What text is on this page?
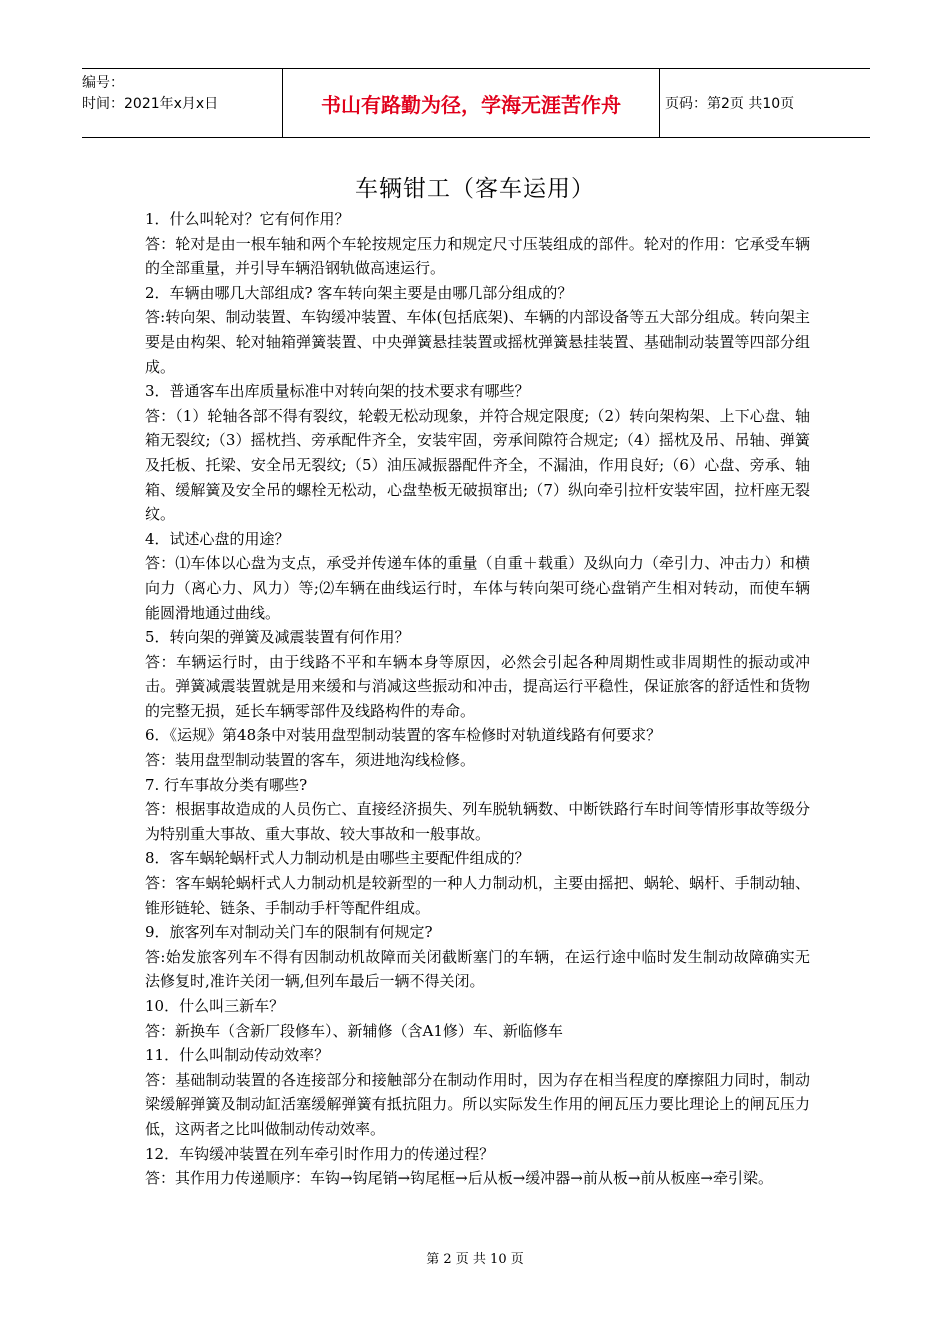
编号：
时间：2021年x月x日	书山有路勤为径，学海无涯苦作舟	页码：第2页 共10页
车辆钳工（客车运用）

1．什么叫轮对？它有何作用？

答：轮对是由一根车轴和两个车轮按规定压力和规定尺寸压装组成的部件。轮对的作用：它承受车辆的全部重量，并引导车辆沿钢轨做高速运行。

2．车辆由哪几大部组成? 客车转向架主要是由哪几部分组成的？

答:转向架、制动装置、车钩缓冲装置、车体(包括底架)、车辆的内部设备等五大部分组成。转向架主要是由构架、轮对轴箱弹簧装置、中央弹簧悬挂装置或摇枕弹簧悬挂装置、基础制动装置等四部分组成。

3．普通客车出库质量标准中对转向架的技术要求有哪些？

答：（1）轮轴各部不得有裂纹，轮毂无松动现象，并符合规定限度;（2）转向架构架、上下心盘、轴箱无裂纹;（3）摇枕挡、旁承配件齐全，安装牢固，旁承间隙符合规定;（4）摇枕及吊、吊轴、弹簧及托板、托梁、安全吊无裂纹;（5）油压减振器配件齐全，不漏油，作用良好;（6）心盘、旁承、轴箱、缓解簧及安全吊的螺栓无松动，心盘垫板无破损窜出;（7）纵向牵引拉杆安装牢固，拉杆座无裂纹。

4．试述心盘的用途？

答：⑴车体以心盘为支点，承受并传递车体的重量（自重＋载重）及纵向力（牵引力、冲击力）和横向力（离心力、风力）等;⑵车辆在曲线运行时，车体与转向架可绕心盘销产生相对转动，而使车辆能圆滑地通过曲线。

5．转向架的弹簧及减震装置有何作用？

答：车辆运行时，由于线路不平和车辆本身等原因，必然会引起各种周期性或非周期性的振动或冲击。弹簧减震装置就是用来缓和与消减这些振动和冲击，提高运行平稳性，保证旅客的舒适性和货物的完整无损，延长车辆零部件及线路构件的寿命。

6．《运规》第48条中对装用盘型制动装置的客车检修时对轨道线路有何要求？

答：装用盘型制动装置的客车，须进地沟线检修。

7. 行车事故分类有哪些?

答：根据事故造成的人员伤亡、直接经济损失、列车脱轨辆数、中断铁路行车时间等情形事故等级分为特别重大事故、重大事故、较大事故和一般事故。

8．客车蜗轮蜗杆式人力制动机是由哪些主要配件组成的？

答：客车蜗轮蜗杆式人力制动机是较新型的一种人力制动机，主要由摇把、蜗轮、蜗杆、手制动轴、锥形链轮、链条、手制动手杆等配件组成。

9．旅客列车对制动关门车的限制有何规定?

答:始发旅客列车不得有因制动机故障而关闭截断塞门的车辆，在运行途中临时发生制动故障确实无法修复时,准许关闭一辆,但列车最后一辆不得关闭。

10．什么叫三新车？

答：新换车（含新厂段修车）、新辅修（含A1修）车、新临修车

11．什么叫制动传动效率？

答：基础制动装置的各连接部分和接触部分在制动作用时，因为存在相当程度的摩擦阻力同时，制动梁缓解弹簧及制动缸活塞缓解弹簧有抵抗阻力。所以实际发生作用的闸瓦压力要比理论上的闸瓦压力低，这两者之比叫做制动传动效率。

12．车钩缓冲装置在列车牵引时作用力的传递过程？

答：其作用力传递顺序：车钩→钩尾销→钩尾框→后从板→缓冲器→前从板→前从板座→牵引梁。

第 2 页 共 10 页
